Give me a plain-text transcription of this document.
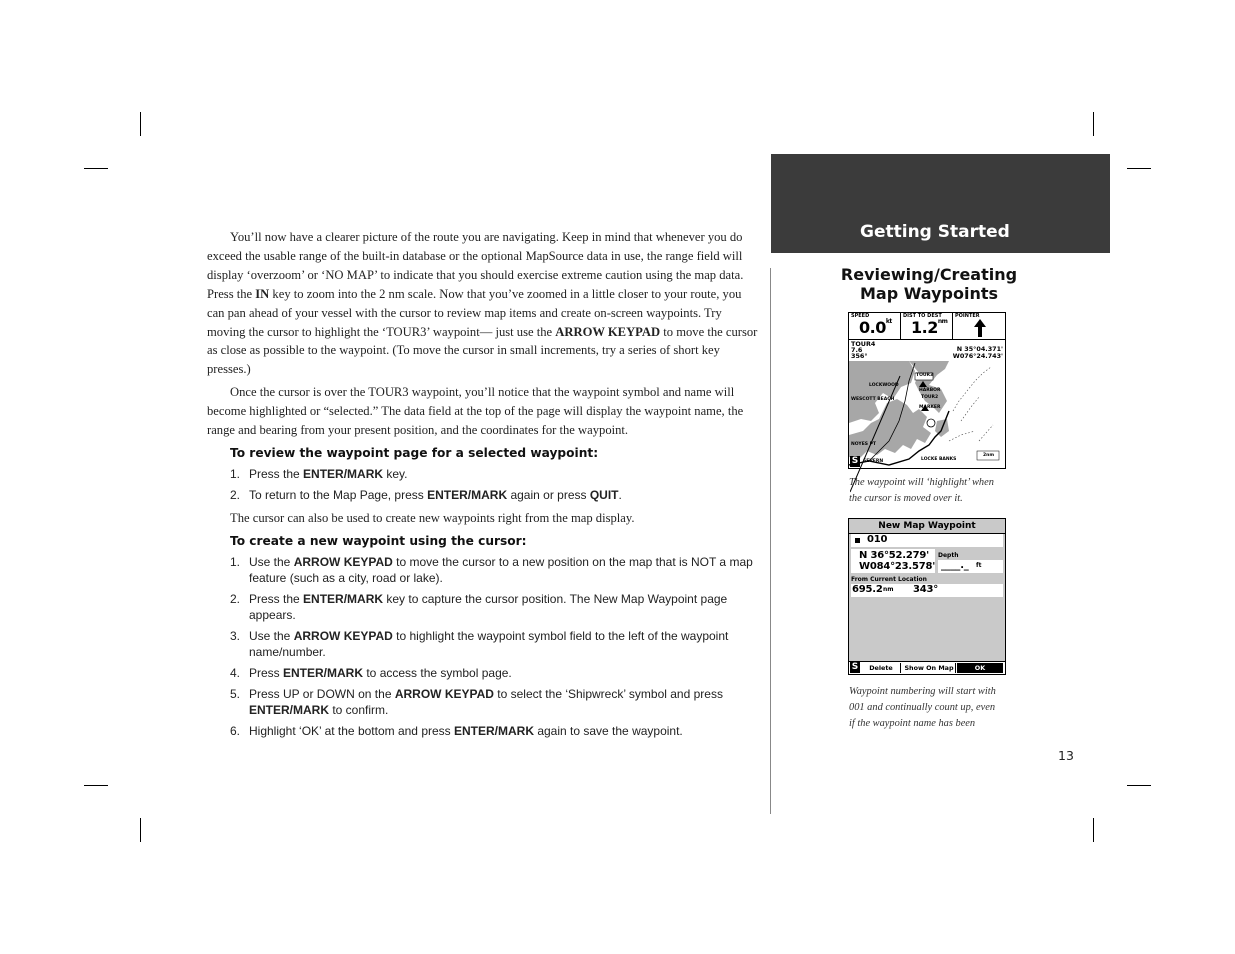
You’ll now have a clearer picture of the route you are navigating. Keep in mind that whenever you do exceed the usable range of the built-in database or the optional MapSource data in use, the range field will display ‘overzoom’ or ‘NO MAP’ to indicate that you should exercise extreme caution using the map data. Press the IN key to zoom into the 2 nm scale. Now that you’ve zoomed in a little closer to your route, you can pan ahead of your vessel with the cursor to review map items and create on-screen waypoints. Try moving the cursor to highlight the ‘TOUR3’ waypoint— just use the ARROW KEYPAD to move the cursor as close as possible to the waypoint. (To move the cursor in small increments, try a series of short key presses.)

Once the cursor is over the TOUR3 waypoint, you’ll notice that the waypoint symbol and name will become highlighted or “selected.” The data field at the top of the page will display the waypoint name, the range and bearing from your present position, and the coordinates for the waypoint.

To review the waypoint page for a selected waypoint:
1. Press the ENTER/MARK key.
2. To return to the Map Page, press ENTER/MARK again or press QUIT.

The cursor can also be used to create new waypoints right from the map display.

To create a new waypoint using the cursor:
1. Use the ARROW KEYPAD to move the cursor to a new position on the map that is NOT a map feature (such as a city, road or lake).
2. Press the ENTER/MARK key to capture the cursor position. The New Map Waypoint page appears.
3. Use the ARROW KEYPAD to highlight the waypoint symbol field to the left of the waypoint name/number.
4. Press ENTER/MARK to access the symbol page.
5. Press UP or DOWN on the ARROW KEYPAD to select the ‘Shipwreck’ symbol and press ENTER/MARK to confirm.
6. Highlight ‘OK’ at the bottom and press ENTER/MARK again to save the waypoint.
Getting Started
Reviewing/Creating
Map Waypoints
SPEED
$0.0^{kt}$
DIST TO DEST
$1.2^{nm}$
POINTER
TOUR4
7.6
356°
N 35°04.371'
W076°24.743'
TOUR3
HARBOR
TOUR2
LOCKWOOD
MARKER
WESCOTT BEACH
NOYES PT
SEVERN	LOCKE BANKS
2nm
S
The waypoint will ‘highlight’ when
the cursor is moved over it.
New Map Waypoint
010
N 36°52.279'
W084°23.578'
Depth
____._ ft
From Current Location
695.2 nm 343°
S	Delete	Show On Map	OK
Waypoint numbering will start with
001 and continually count up, even
if the waypoint name has been
13
